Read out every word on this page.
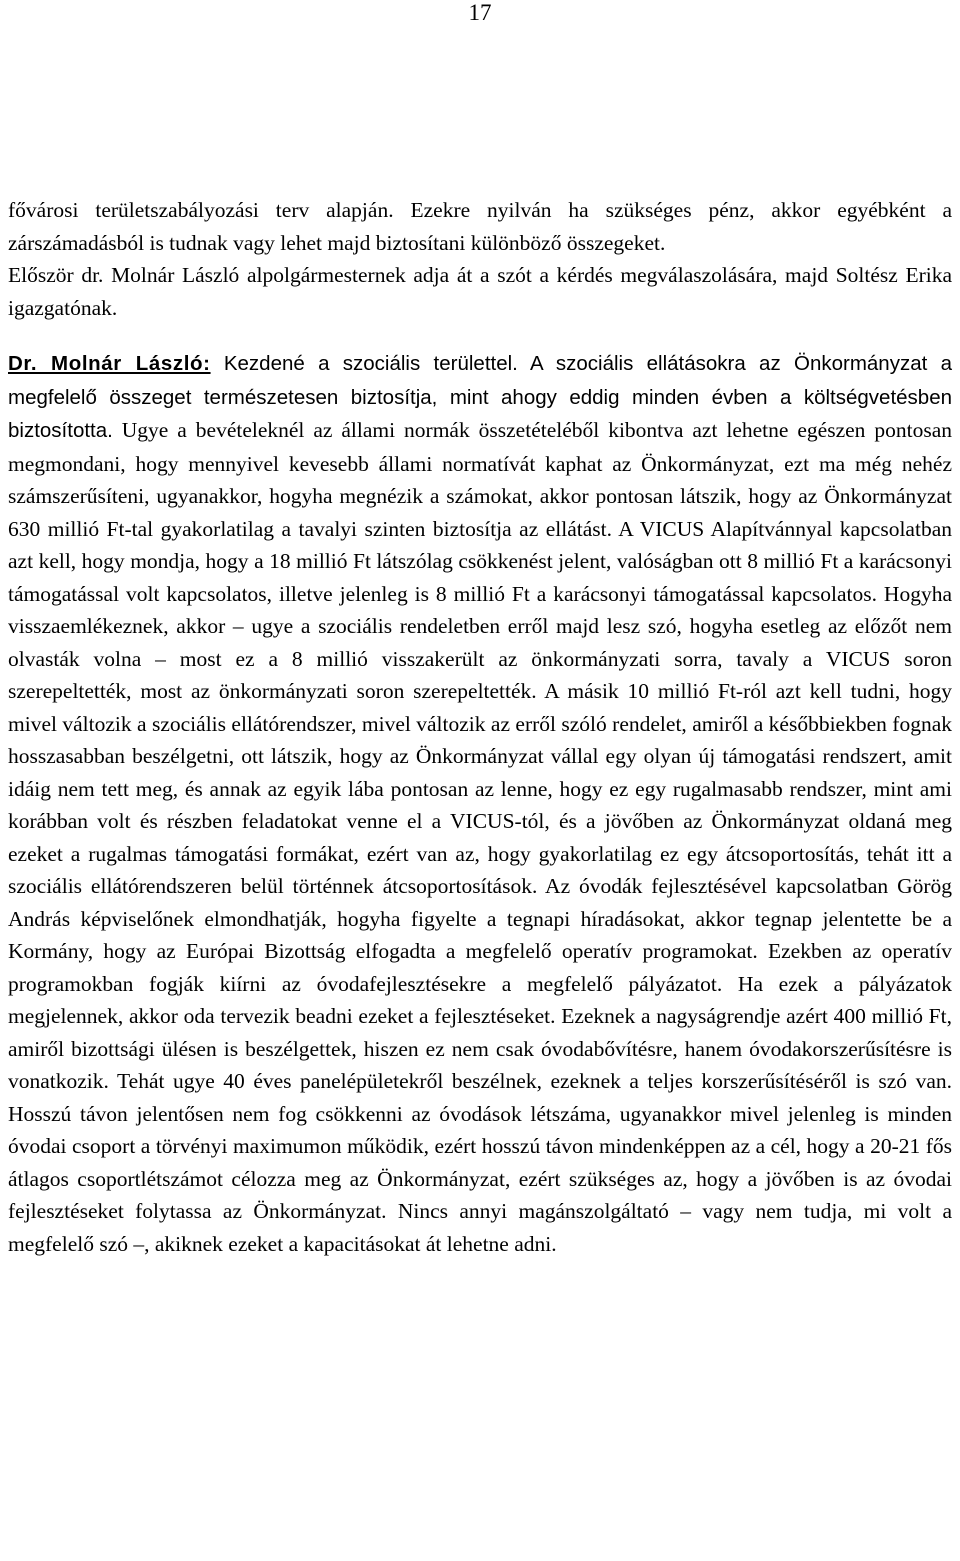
17

fővárosi területszabályozási terv alapján. Ezekre nyilván ha szükséges pénz, akkor egyébként a zárszámadásból is tudnak vagy lehet majd biztosítani különböző összegeket.

Először dr. Molnár László alpolgármesternek adja át a szót a kérdés megválaszolására, majd Soltész Erika igazgatónak.

Dr. Molnár László: Kezdené a szociális területtel. A szociális ellátásokra az Önkormányzat a megfelelő összeget természetesen biztosítja, mint ahogy eddig minden évben a költségvetésben biztosította. Ugye a bevételeknél az állami normák összetételéből kibontva azt lehetne egészen pontosan megmondani, hogy mennyivel kevesebb állami normatívát kaphat az Önkormányzat, ezt ma még nehéz számszerűsíteni, ugyanakkor, hogyha megnézik a számokat, akkor pontosan látszik, hogy az Önkormányzat 630 millió Ft-tal gyakorlatilag a tavalyi szinten biztosítja az ellátást. A VICUS Alapítvánnyal kapcsolatban azt kell, hogy mondja, hogy a 18 millió Ft látszólag csökkenést jelent, valóságban ott 8 millió Ft a karácsonyi támogatással volt kapcsolatos, illetve jelenleg is 8 millió Ft a karácsonyi támogatással kapcsolatos. Hogyha visszaemlékeznek, akkor – ugye a szociális rendeletben erről majd lesz szó, hogyha esetleg az előzőt nem olvasták volna – most ez a 8 millió visszakerült az önkormányzati sorra, tavaly a VICUS soron szerepeltették, most az önkormányzati soron szerepeltették. A másik 10 millió Ft-ról azt kell tudni, hogy mivel változik a szociális ellátórendszer, mivel változik az erről szóló rendelet, amiről a későbbiekben fognak hosszasabban beszélgetni, ott látszik, hogy az Önkormányzat vállal egy olyan új támogatási rendszert, amit idáig nem tett meg, és annak az egyik lába pontosan az lenne, hogy ez egy rugalmasabb rendszer, mint ami korábban volt és részben feladatokat venne el a VICUS-tól, és a jövőben az Önkormányzat oldaná meg ezeket a rugalmas támogatási formákat, ezért van az, hogy gyakorlatilag ez egy átcsoportosítás, tehát itt a szociális ellátórendszeren belül történnek átcsoportosítások. Az óvodák fejlesztésével kapcsolatban Görög András képviselőnek elmondhatják, hogyha figyelte a tegnapi híradásokat, akkor tegnap jelentette be a Kormány, hogy az Európai Bizottság elfogadta a megfelelő operatív programokat. Ezekben az operatív programokban fogják kiírni az óvodafejlesztésekre a megfelelő pályázatot. Ha ezek a pályázatok megjelennek, akkor oda tervezik beadni ezeket a fejlesztéseket. Ezeknek a nagyságrendje azért 400 millió Ft, amiről bizottsági ülésen is beszélgettek, hiszen ez nem csak óvodabővítésre, hanem óvodakorszerűsítésre is vonatkozik. Tehát ugye 40 éves panelépületekről beszélnek, ezeknek a teljes korszerűsítéséről is szó van. Hosszú távon jelentősen nem fog csökkenni az óvodások létszáma, ugyanakkor mivel jelenleg is minden óvodai csoport a törvényi maximumon működik, ezért hosszú távon mindenképpen az a cél, hogy a 20-21 fős átlagos csoportlétszámot célozza meg az Önkormányzat, ezért szükséges az, hogy a jövőben is az óvodai fejlesztéseket folytassa az Önkormányzat. Nincs annyi magánszolgáltató – vagy nem tudja, mi volt a megfelelő szó –, akiknek ezeket a kapacitásokat át lehetne adni.
